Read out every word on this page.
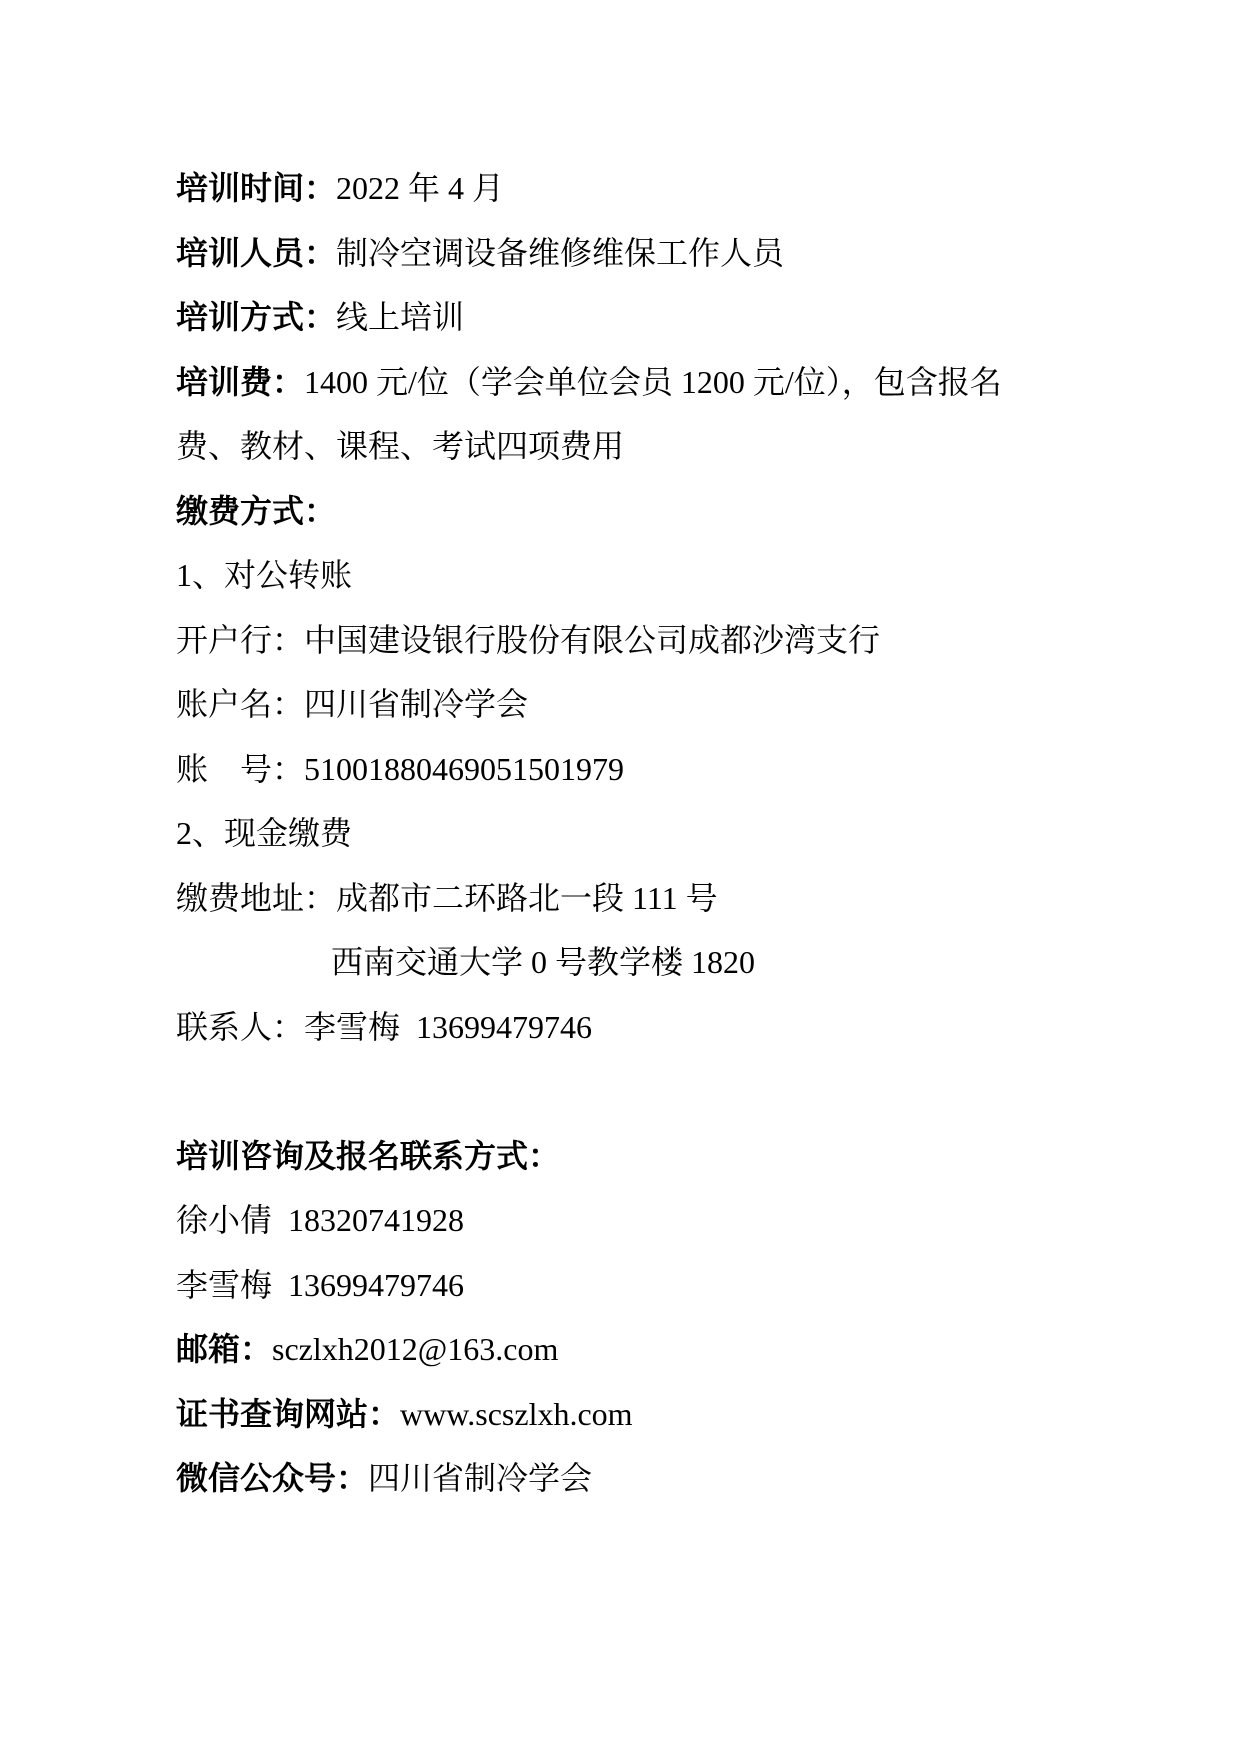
培训时间：2022 年 4 月
培训人员：制冷空调设备维修维保工作人员
培训方式：线上培训
培训费：1400 元/位（学会单位会员 1200 元/位），包含报名
费、教材、课程、考试四项费用
缴费方式：
1、对公转账
开户行：中国建设银行股份有限公司成都沙湾支行
账户名：四川省制冷学会
账　号：51001880469051501979
2、现金缴费
缴费地址：成都市二环路北一段 111 号
西南交通大学 0 号教学楼 1820
联系人：李雪梅  13699479746

培训咨询及报名联系方式：
徐小倩  18320741928
李雪梅  13699479746
邮箱：sczlxh2012@163.com
证书查询网站：www.scszlxh.com
微信公众号：四川省制冷学会
